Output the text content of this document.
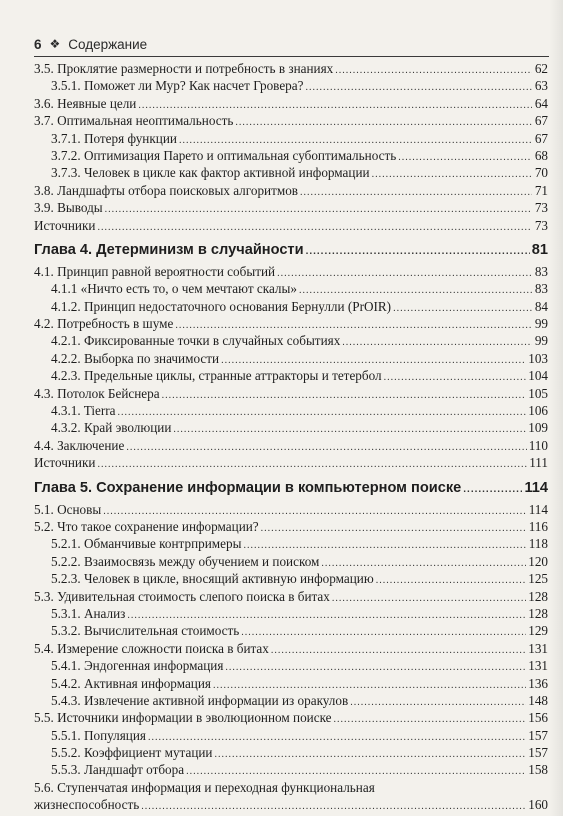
6 ❖ Содержание
3.5. Проклятие размерности и потребность в знаниях .....	62
3.5.1. Поможет ли Мур? Как насчет Гровера? .....	63
3.6. Неявные цели .....	64
3.7. Оптимальная неоптимальность .....	67
3.7.1. Потеря функции .....	67
3.7.2. Оптимизация Парето и оптимальная субоптимальность .....	68
3.7.3. Человек в цикле как фактор активной информации .....	70
3.8. Ландшафты отбора поисковых алгоритмов .....	71
3.9. Выводы .....	73
Источники .....	73
Глава 4. Детерминизм в случайности .....	81
4.1. Принцип равной вероятности событий .....	83
4.1.1 «Ничто есть то, о чем мечтают скалы» .....	83
4.1.2. Принцип недостаточного основания Бернулли (PrOIR) .....	84
4.2. Потребность в шуме .....	99
4.2.1. Фиксированные точки в случайных событиях .....	99
4.2.2. Выборка по значимости .....	103
4.2.3. Предельные циклы, странные аттракторы и тетербол .....	104
4.3. Потолок Бейснера .....	105
4.3.1. Tierra .....	106
4.3.2. Край эволюции .....	109
4.4. Заключение .....	110
Источники .....	111
Глава 5. Сохранение информации в компьютерном поиске .....	114
5.1. Основы .....	114
5.2. Что такое сохранение информации? .....	116
5.2.1. Обманчивые контрпримеры .....	118
5.2.2. Взаимосвязь между обучением и поиском .....	120
5.2.3. Человек в цикле, вносящий активную информацию .....	125
5.3. Удивительная стоимость слепого поиска в битах .....	128
5.3.1. Анализ .....	128
5.3.2. Вычислительная стоимость .....	129
5.4. Измерение сложности поиска в битах .....	131
5.4.1. Эндогенная информация .....	131
5.4.2. Активная информация .....	136
5.4.3. Извлечение активной информации из оракулов .....	148
5.5. Источники информации в эволюционном поиске .....	156
5.5.1. Популяция .....	157
5.5.2. Коэффициент мутации .....	157
5.5.3. Ландшафт отбора .....	158
5.6. Ступенчатая информация и переходная функциональная
жизнеспособность .....	160
